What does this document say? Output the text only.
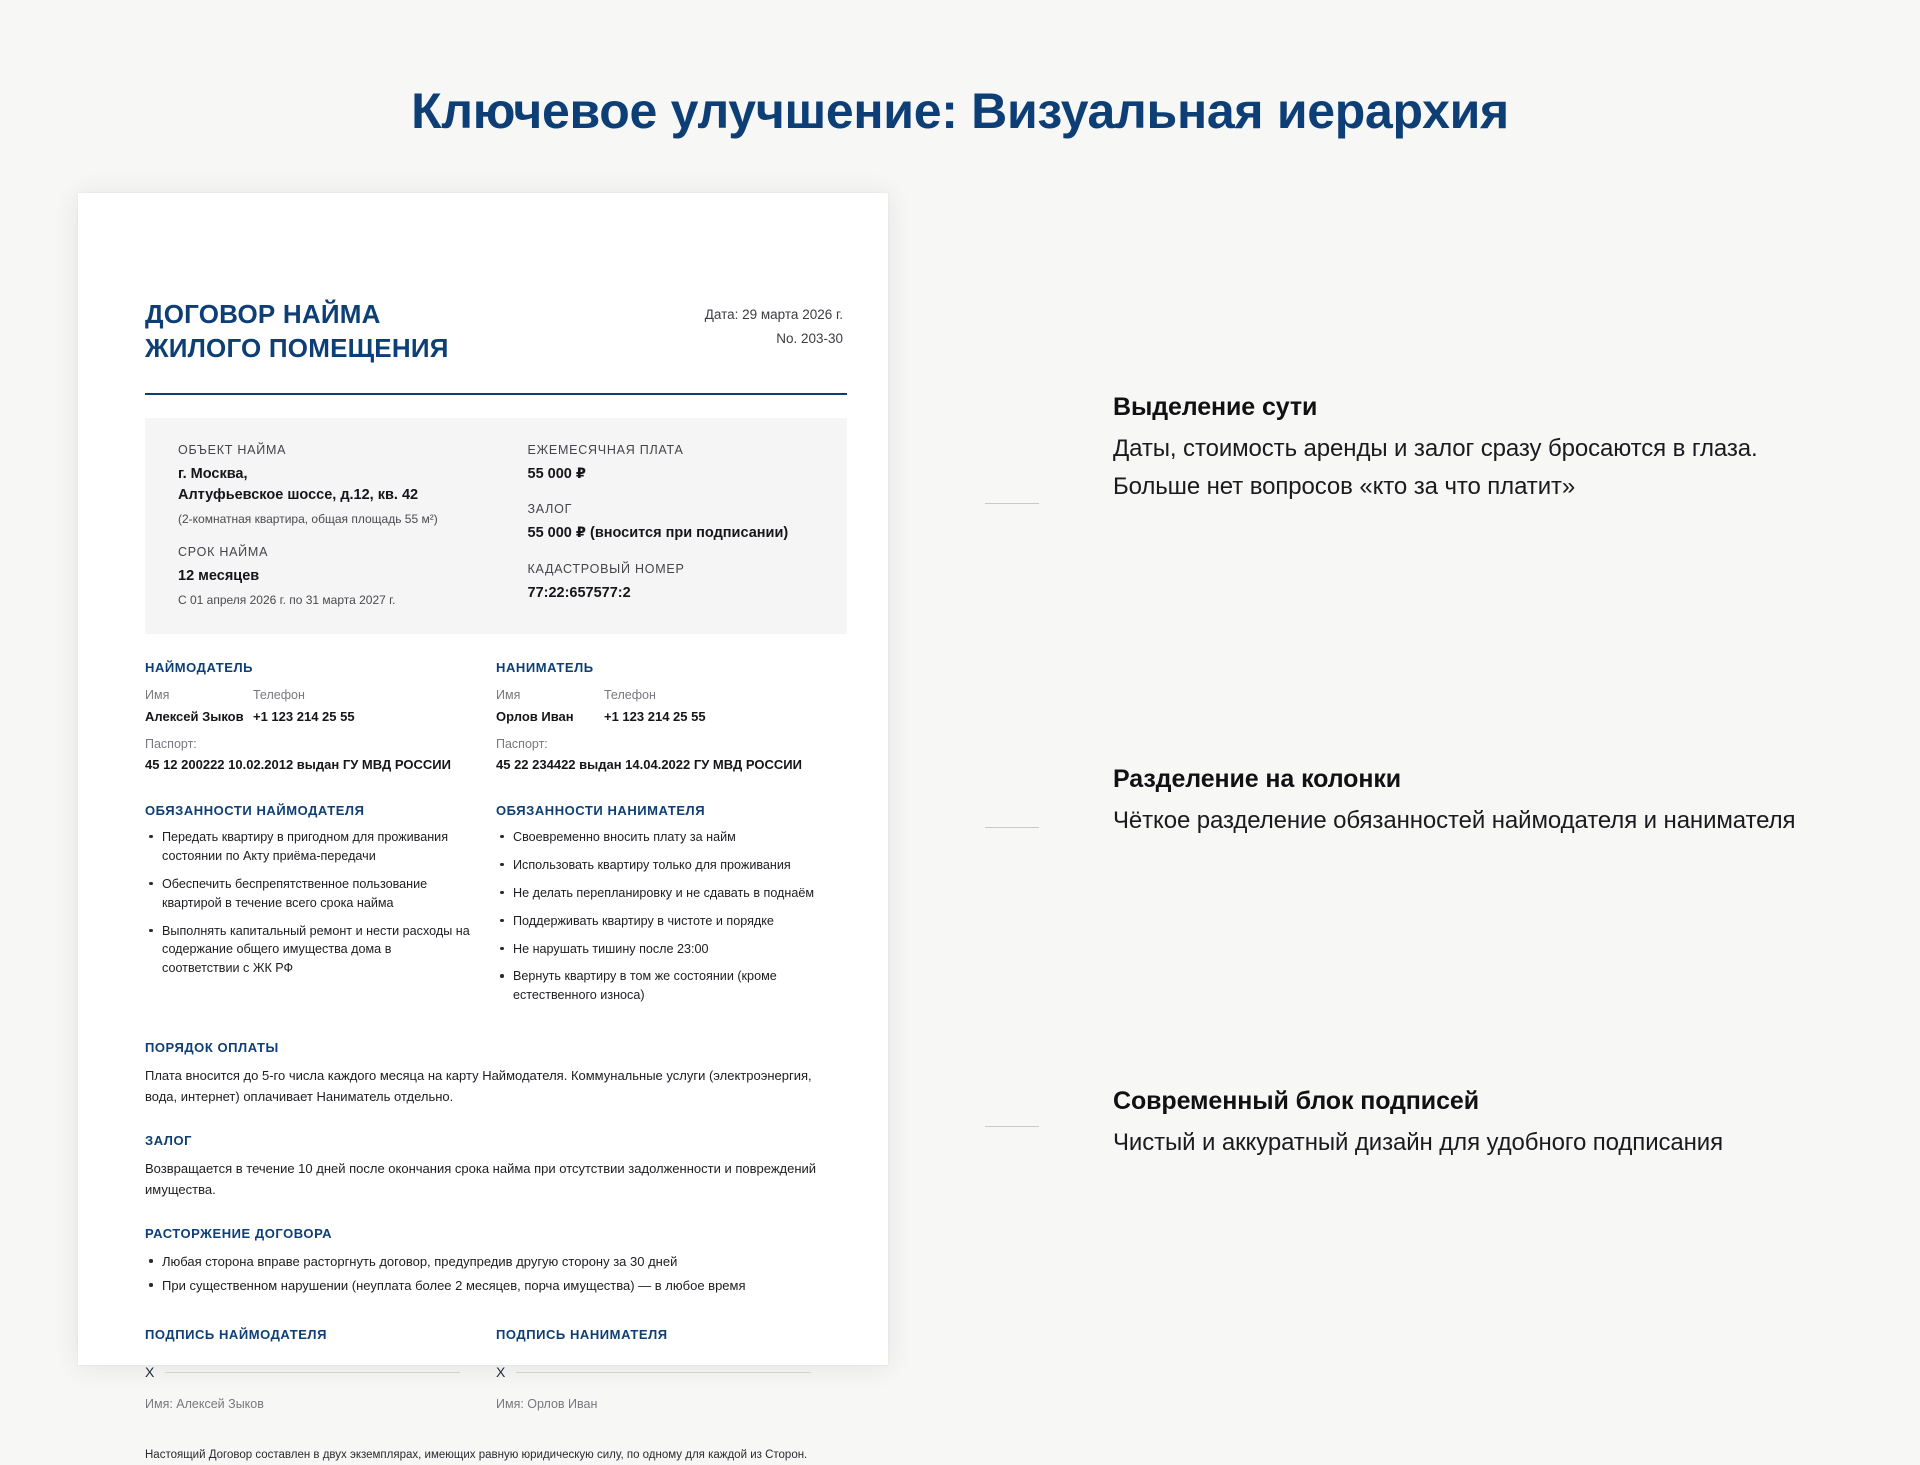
Ключевое улучшение: Визуальная иерархия
ДОГОВОР НАЙМА
ЖИЛОГО ПОМЕЩЕНИЯ
Дата: 29 марта 2026 г.
No. 203-30
ОБЪЕКТ НАЙМА
г. Москва,
Алтуфьевское шоссе, д.12, кв. 42
(2-комнатная квартира, общая площадь 55 м²)
СРОК НАЙМА
12 месяцев
С 01 апреля 2026 г. по 31 марта 2027 г.
ЕЖЕМЕСЯЧНАЯ ПЛАТА
55 000 ₽
ЗАЛОГ
55 000 ₽ (вносится при подписании)
КАДАСТРОВЫЙ НОМЕР
77:22:657577:2
НАЙМОДАТЕЛЬ
Имя
Алексей Зыков
Телефон
+1 123 214 25 55
Паспорт:
45 12 200222 10.02.2012 выдан ГУ МВД РОССИИ
НАНИМАТЕЛЬ
Имя
Орлов Иван
Телефон
+1 123 214 25 55
Паспорт:
45 22 234422 выдан 14.04.2022 ГУ МВД РОССИИ
ОБЯЗАННОСТИ НАЙМОДАТЕЛЯ
Передать квартиру в пригодном для проживания состоянии по Акту приёма-передачи
Обеспечить беспрепятственное пользование квартирой в течение всего срока найма
Выполнять капитальный ремонт и нести расходы на содержание общего имущества дома в соответствии с ЖК РФ
ОБЯЗАННОСТИ НАНИМАТЕЛЯ
Своевременно вносить плату за найм
Использовать квартиру только для проживания
Не делать перепланировку и не сдавать в поднаём
Поддерживать квартиру в чистоте и порядке
Не нарушать тишину после 23:00
Вернуть квартиру в том же состоянии (кроме естественного износа)
ПОРЯДОК ОПЛАТЫ
Плата вносится до 5-го числа каждого месяца на карту Наймодателя. Коммунальные услуги (электроэнергия, вода, интернет) оплачивает Наниматель отдельно.
ЗАЛОГ
Возвращается в течение 10 дней после окончания срока найма при отсутствии задолженности и повреждений имущества.
РАСТОРЖЕНИЕ ДОГОВОРА
Любая сторона вправе расторгнуть договор, предупредив другую сторону за 30 дней
При существенном нарушении (неуплата более 2 месяцев, порча имущества) — в любое время
ПОДПИСЬ НАЙМОДАТЕЛЯ
X
Имя: Алексей Зыков
ПОДПИСЬ НАНИМАТЕЛЯ
X
Имя: Орлов Иван
Настоящий Договор составлен в двух экземплярах, имеющих равную юридическую силу, по одному для каждой из Сторон.
Выделение сути
Даты, стоимость аренды и залог сразу бросаются в глаза.
Больше нет вопросов «кто за что платит»
Разделение на колонки
Чёткое разделение обязанностей наймодателя и нанимателя
Современный блок подписей
Чистый и аккуратный дизайн для удобного подписания
